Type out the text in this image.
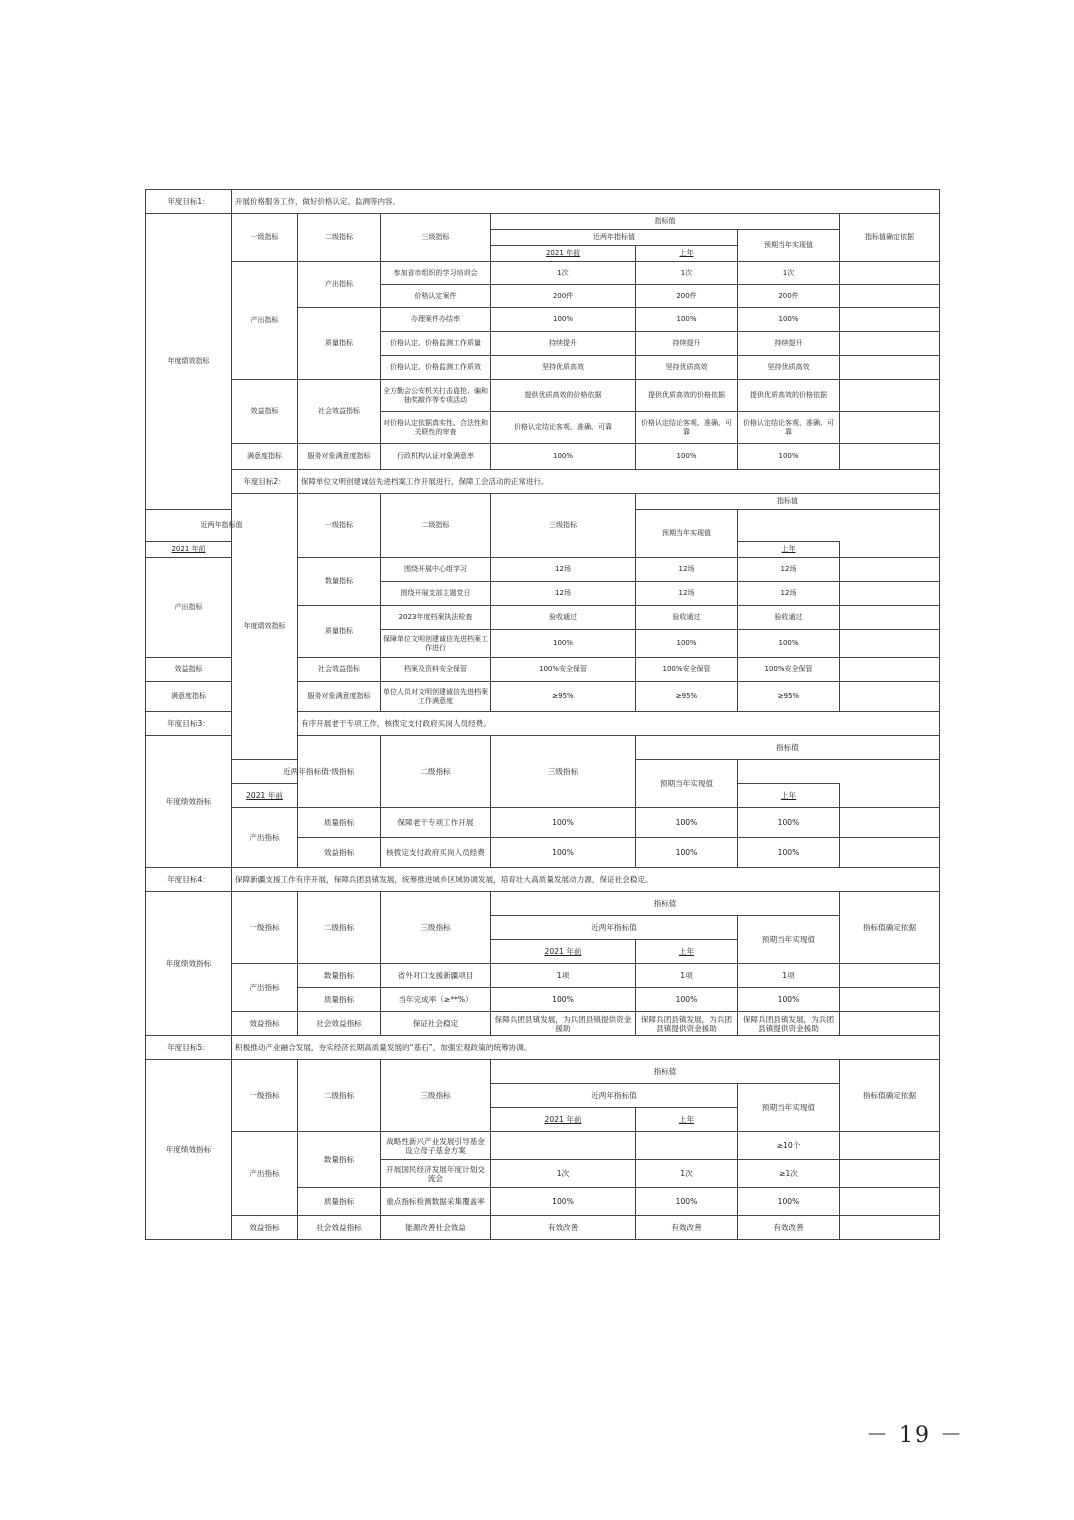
年度目标1：	开展价格服务工作，做好价格认定、监测等内容。							
年度绩效指标	一级指标	二级指标	三级指标	指标值			指标值确定依据	
				近两年指标值		预期当年实现值		
				2021 年前	上年			
	产出指标	产出指标	参加省市组织的学习培训会	1次	1次	1次		
			价格认定案件	200件	200件	200件		
		质量指标	办理案件办结率	100%	100%	100%		
			价格认定、价格监测工作质量	持续提升	持续提升	持续提升		
			价格认定、价格监测工作质效	坚持优质高效	坚持优质高效	坚持优质高效		
	效益指标	社会效益指标	全方勤会公安机关打击盗抢、骗和抽奖敲诈等专项活动	提供优质高效的价格依据	提供优质高效的价格依据	提供优质高效的价格依据		
			对价格认定依据真实性、合法性和关联性的审查	价格认定结论客观、准确、可靠	价格认定结论客观、准确、可靠	价格认定结论客观、准确、可靠		
	满意度指标	服务对象满意度指标	行政机构认证对象满意率	100%	100%	100%		
	年度目标2：	保障单位文明创建诚信先进档案工作开展进行，保障工会活动的正常进行。						
	年度绩效指标	一级指标	二级指标	三级指标	指标值	
近两年指标值					预期当年实现值			
2021 年前						上年		
产出指标		数量指标	围绕开展中心组学习	12场	12场	12场		
			围绕开展支部主题党日	12场	12场	12场		
		质量指标	2023年度档案执法检查	验收通过	验收通过	验收通过		
			保障单位文明创建诚信先进档案工作进行	100%	100%	100%		
效益指标		社会效益指标	档案及资料安全保管	100%安全保管	100%安全保管	100%安全保管		
满意度指标		服务对象满意度指标	单位人员对文明创建诚信先进档案工作满意度	≥95%	≥95%	≥95%		
年度目标3：		有序开展老干专项工作，核拨定支付政府买岗人员经费。						
年度绩效指标		一级指标	二级指标	三级指标	指标值	
	近两年指标值				预期当年实现值			
	2021 年前					上年		
	产出指标	质量指标	保障老干专项工作开展	100%	100%	100%		
		效益指标	核拨定支付政府买岗人员经费	100%	100%	100%		
年度目标4：	保障新疆支援工作有序开展，保障兵团县镇发展，统筹推进城乡区域协调发展，培育壮大高质量发展动力源，保证社会稳定。							
年度绩效指标	一级指标	二级指标	三级指标	指标值			指标值确定依据	
				近两年指标值		预期当年实现值		
				2021 年前	上年			
	产出指标	数量指标	省外对口支援新疆项目	1项	1项	1项		
		质量指标	当年完成率（≥**%）	100%	100%	100%		
	效益指标	社会效益指标	保证社会稳定	保障兵团县镇发展，为兵团县镇提供资金援助	保障兵团县镇发展，为兵团县镇提供资金援助	保障兵团县镇发展，为兵团县镇提供资金援助		
年度目标5：	积极推动产业融合发展，夯实经济长期高质量发展的“基石”，加强宏观政策的统筹协调。							
年度绩效指标	一级指标	二级指标	三级指标	指标值			指标值确定依据	
				近两年指标值		预期当年实现值		
				2021 年前	上年			
	产出指标	数量指标	战略性新兴产业发展引导基金设立母子基金方案			≥10个		
			开展国民经济发展年度计划交流会	1次	1次	≥1次		
		质量指标	重点指标检测数据采集覆盖率	100%	100%	100%		
	效益指标	社会效益指标	能源改善社会效益	有效改善	有效改善	有效改善		
－ 19 －
